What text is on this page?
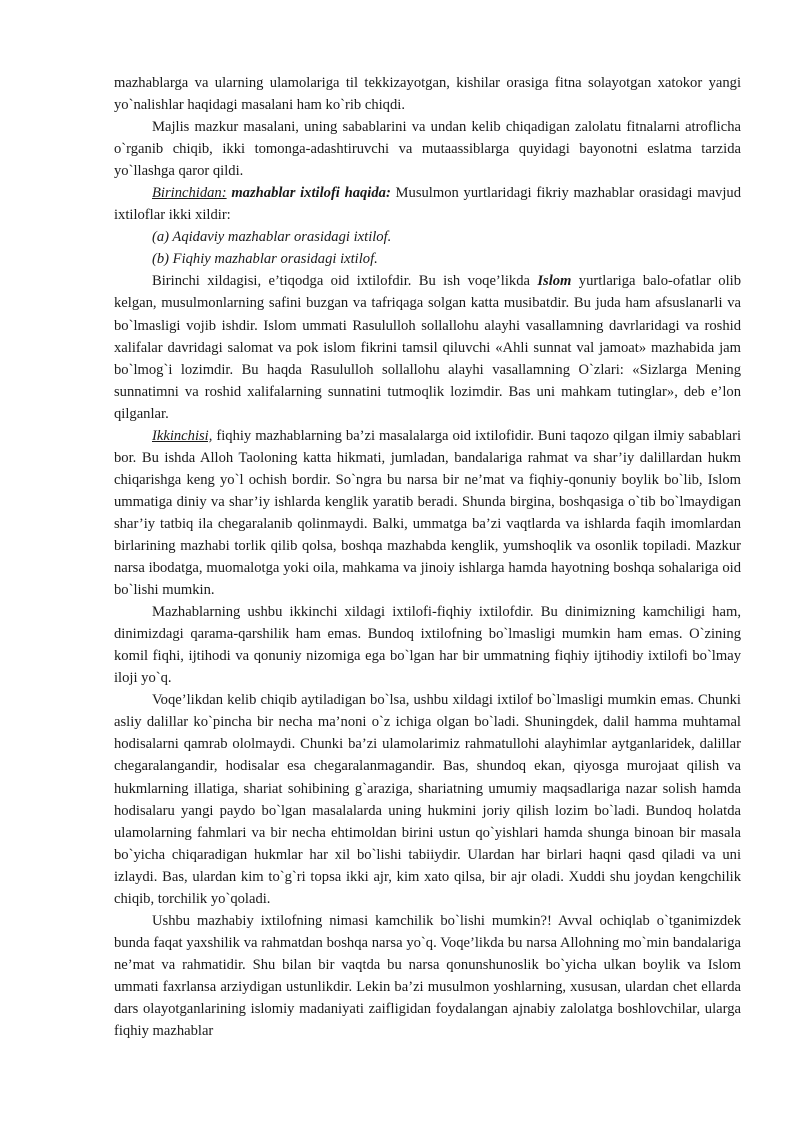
mazhablarga va ularning ulamolariga til tekkizayotgan, kishilar orasiga fitna solayotgan xatokor yangi yo`nalishlar haqidagi masalani ham ko`rib chiqdi.

Majlis mazkur masalani, uning sabablarini va undan kelib chiqadigan zalolatu fitnalarni atroflicha o`rganib chiqib, ikki tomonga-adashtiruvchi va mutaassiblarga quyidagi bayonotni eslatma tarzida yo`llashga qaror qildi.

Birinchidan: mazhablar ixtilofi haqida: Musulmon yurtlaridagi fikriy mazhablar orasidagi mavjud ixtiloflar ikki xildir:

(a) Aqidaviy mazhablar orasidagi ixtilof.

(b) Fiqhiy mazhablar orasidagi ixtilof.

Birinchi xildagisi, e’tiqodga oid ixtilofdir. Bu ish voqe’likda Islom yurtlariga balo-ofatlar olib kelgan, musulmonlarning safini buzgan va tafriqaga solgan katta musibatdir. Bu juda ham afsuslanarli va bo`lmasligi vojib ishdir. Islom ummati Rasululloh sollallohu alayhi vasallamning davrlaridagi va roshid xalifalar davridagi salomat va pok islom fikrini tamsil qiluvchi «Ahli sunnat val jamoat» mazhabida jam bo`lmog`i lozimdir. Bu haqda Rasululloh sollallohu alayhi vasallamning O`zlari: «Sizlarga Mening sunnatimni va roshid xalifalarning sunnatini tutmoqlik lozimdir. Bas uni mahkam tutinglar», deb e’lon qilganlar.

Ikkinchisi, fiqhiy mazhablarning ba’zi masalalarga oid ixtilofidir. Buni taqozo qilgan ilmiy sabablari bor. Bu ishda Alloh Taoloning katta hikmati, jumladan, bandalariga rahmat va shar’iy dalillardan hukm chiqarishga keng yo`l ochish bordir. So`ngra bu narsa bir ne’mat va fiqhiy-qonuniy boylik bo`lib, Islom ummatiga diniy va shar’iy ishlarda kenglik yaratib beradi. Shunda birgina, boshqasiga o`tib bo`lmaydigan shar’iy tatbiq ila chegaralanib qolinmaydi. Balki, ummatga ba’zi vaqtlarda va ishlarda faqih imomlardan birlarining mazhabi torlik qilib qolsa, boshqa mazhabda kenglik, yumshoqlik va osonlik topiladi. Mazkur narsa ibodatga, muomalotga yoki oila, mahkama va jinoiy ishlarga hamda hayotning boshqa sohalariga oid bo`lishi mumkin.

Mazhablarning ushbu ikkinchi xildagi ixtilofi-fiqhiy ixtilofdir. Bu dinimizning kamchiligi ham, dinimizdagi qarama-qarshilik ham emas. Bundoq ixtilofning bo`lmasligi mumkin ham emas. O`zining komil fiqhi, ijtihodi va qonuniy nizomiga ega bo`lgan har bir ummatning fiqhiy ijtihodiy ixtilofi bo`lmay iloji yo`q.

Voqe’likdan kelib chiqib aytiladigan bo`lsa, ushbu xildagi ixtilof bo`lmasligi mumkin emas. Chunki asliy dalillar ko`pincha bir necha ma’noni o`z ichiga olgan bo`ladi. Shuningdek, dalil hamma muhtamal hodisalarni qamrab ololmaydi. Chunki ba’zi ulamolarimiz rahmatullohi alayhimlar aytganlaridek, dalillar chegaralangandir, hodisalar esa chegaralanmagandir. Bas, shundoq ekan, qiyosga murojaat qilish va hukmlarning illatiga, shariat sohibining g`araziga, shariatning umumiy maqsadlariga nazar solish hamda hodisalaru yangi paydo bo`lgan masalalarda uning hukmini joriy qilish lozim bo`ladi. Bundoq holatda ulamolarning fahmlari va bir necha ehtimoldan birini ustun qo`yishlari hamda shunga binoan bir masala bo`yicha chiqaradigan hukmlar har xil bo`lishi tabiiydir. Ulardan har birlari haqni qasd qiladi va uni izlaydi. Bas, ulardan kim to`g`ri topsa ikki ajr, kim xato qilsa, bir ajr oladi. Xuddi shu joydan kengchilik chiqib, torchilik yo`qoladi.

Ushbu mazhabiy ixtilofning nimasi kamchilik bo`lishi mumkin?! Avval ochiqlab o`tganimizdek bunda faqat yaxshilik va rahmatdan boshqa narsa yo`q. Voqe’likda bu narsa Allohning mo`min bandalariga ne’mat va rahmatidir. Shu bilan bir vaqtda bu narsa qonunshunoslik bo`yicha ulkan boylik va Islom ummati faxrlansa arziydigan ustunlikdir. Lekin ba’zi musulmon yoshlarning, xususan, ulardan chet ellarda dars olayotganlarining islomiy madaniyati zaifligidan foydalangan ajnabiy zalolatga boshlovchilar, ularga fiqhiy mazhablar
